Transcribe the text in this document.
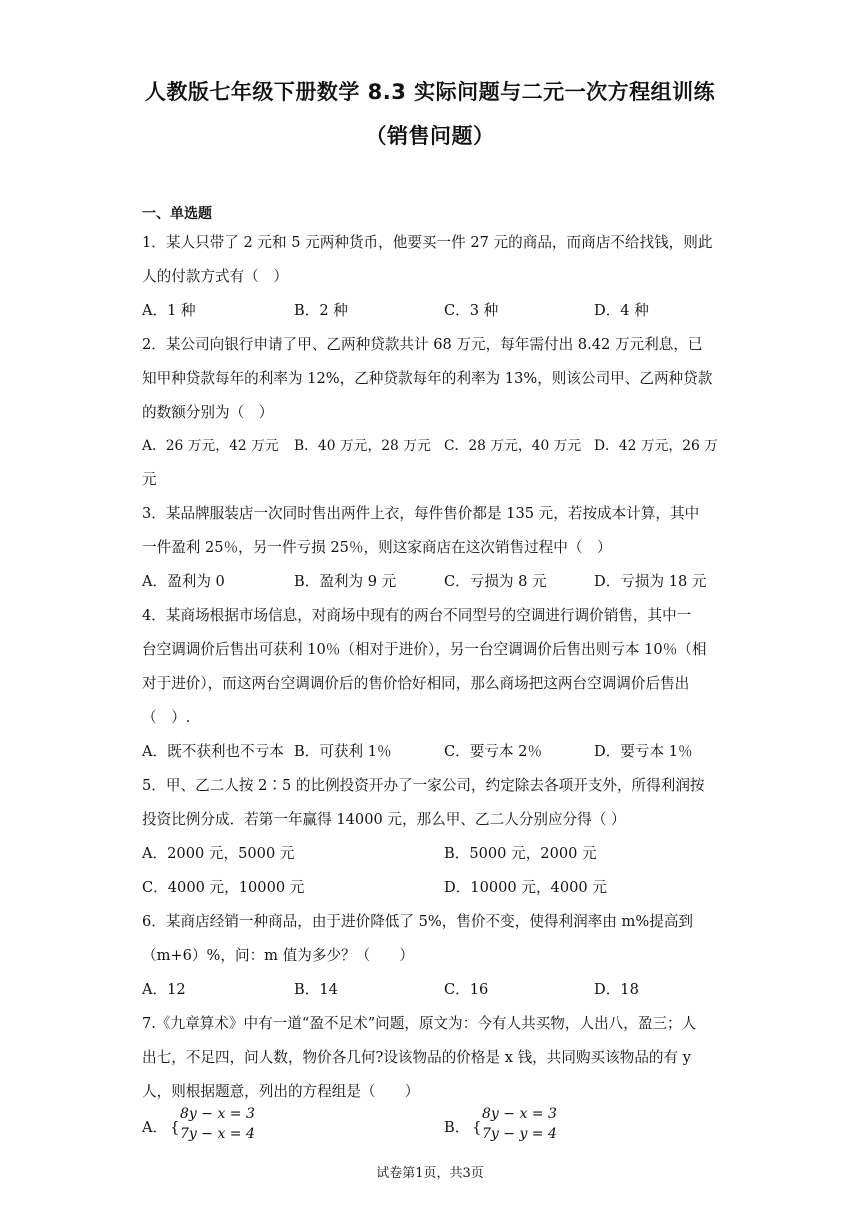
人教版七年级下册数学 8.3 实际问题与二元一次方程组训练
（销售问题）
一、单选题
1．某人只带了 2 元和 5 元两种货币，他要买一件 27 元的商品，而商店不给找钱，则此
人的付款方式有（　）
A．1 种	B．2 种	C．3 种	D．4 种
2．某公司向银行申请了甲、乙两种贷款共计 68 万元，每年需付出 8.42 万元利息，已
知甲种贷款每年的利率为 12%，乙种贷款每年的利率为 13%，则该公司甲、乙两种贷款
的数额分别为（　）
A．26 万元，42 万元 B．40 万元，28 万元 C．28 万元，40 万元 D．42 万元，26 万
元
3．某品牌服装店一次同时售出两件上衣，每件售价都是 135 元，若按成本计算，其中
一件盈利 25％，另一件亏损 25％，则这家商店在这次销售过程中（　）
A．盈利为 0	B．盈利为 9 元	C．亏损为 8 元	D．亏损为 18 元
4．某商场根据市场信息，对商场中现有的两台不同型号的空调进行调价销售，其中一
台空调调价后售出可获利 10％（相对于进价），另一台空调调价后售出则亏本 10％（相
对于进价），而这两台空调调价后的售价恰好相同，那么商场把这两台空调调价后售出
（　）.
A．既不获利也不亏本 B．可获利 1％	C．要亏本 2％	D．要亏本 1％
5．甲、乙二人按 2∶5 的比例投资开办了一家公司，约定除去各项开支外，所得利润按
投资比例分成．若第一年赢得 14000 元，那么甲、乙二人分别应分得（ ）
A．2000 元，5000 元	B．5000 元，2000 元
C．4000 元，10000 元	D．10000 元，4000 元
6．某商店经销一种商品，由于进价降低了 5%，售价不变，使得利润率由 m%提高到
（m+6）%，问：m 值为多少？（　　）
A．12	B．14	C．16	D．18
7.《九章算术》中有一道“盈不足术”问题，原文为：今有人共买物，人出八，盈三；人
出七，不足四，问人数，物价各几何?设该物品的价格是 x 钱，共同购买该物品的有 y
人，则根据题意，列出的方程组是（　　）
A． {
8y − x = 3
7y − x = 4	B． {
8y − x = 3
7y − y = 4
试卷第1页，共3页
